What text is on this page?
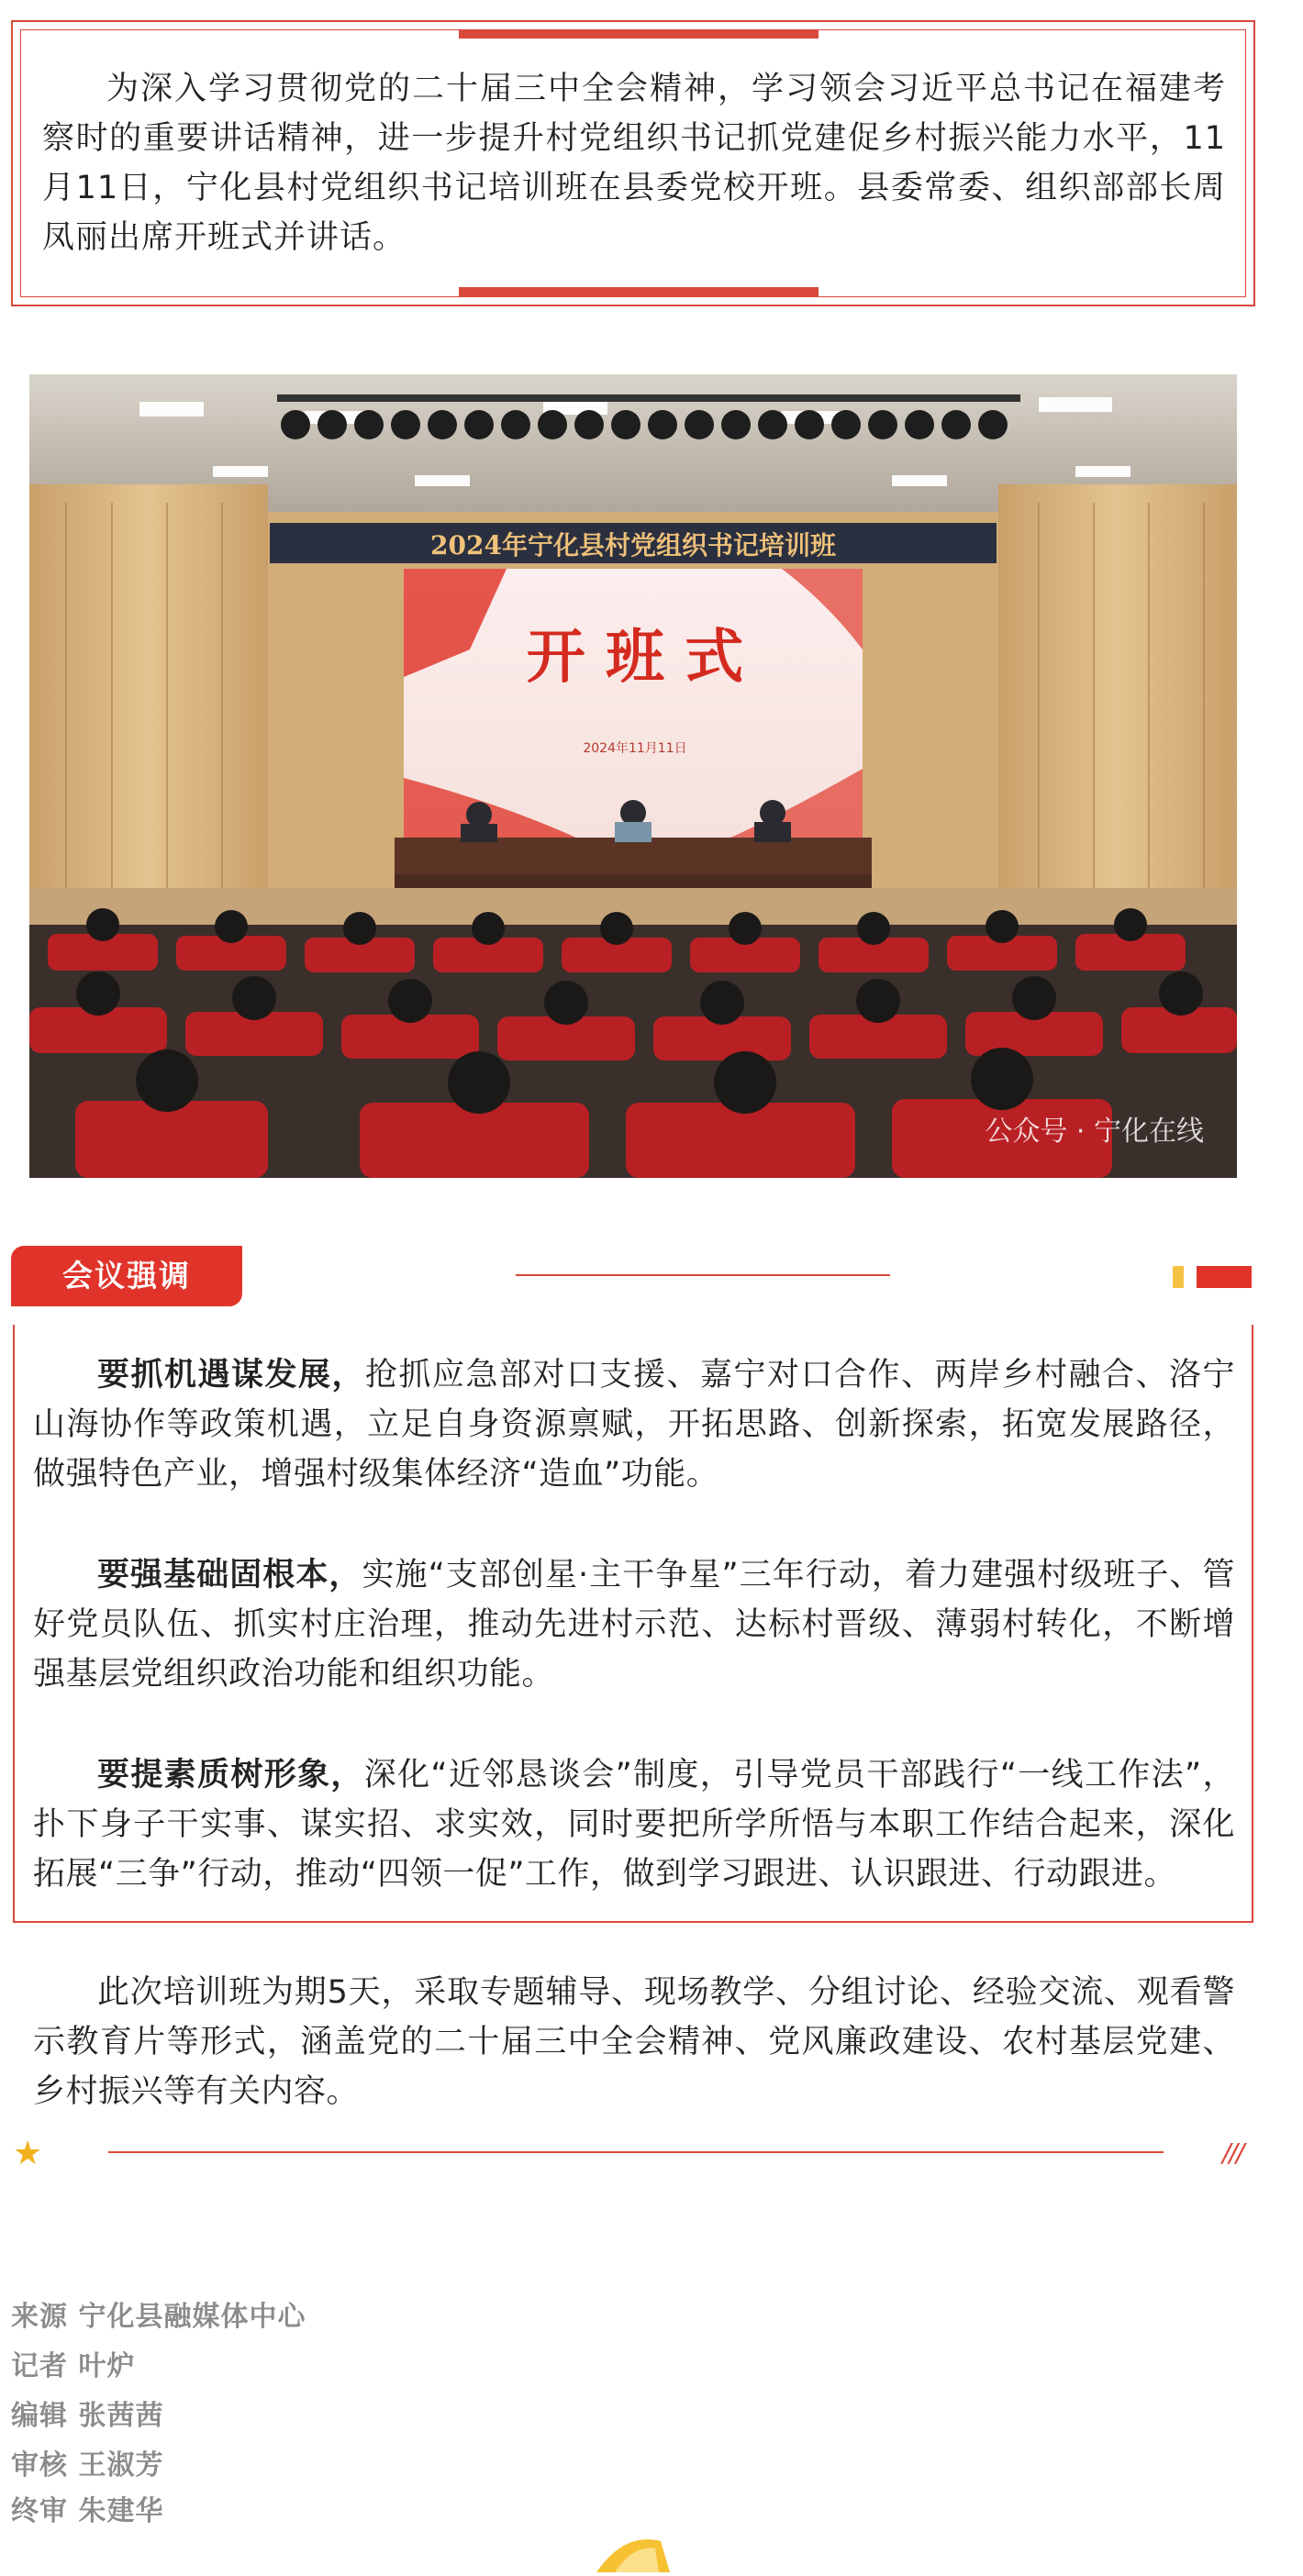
为深入学习贯彻党的二十届三中全会精神，学习领会习近平总书记在福建考察时的重要讲话精神，进一步提升村党组织书记抓党建促乡村振兴能力水平，11月11日，宁化县村党组织书记培训班在县委党校开班。县委常委、组织部部长周凤丽出席开班式并讲话。
2024年宁化县村党组织书记培训班
开 班 式
2024年11月11日
公众号 · 宁化在线
会议强调
要抓机遇谋发展，抢抓应急部对口支援、嘉宁对口合作、两岸乡村融合、洛宁山海协作等政策机遇，立足自身资源禀赋，开拓思路、创新探索，拓宽发展路径，做强特色产业，增强村级集体经济“造血”功能。
要强基础固根本，实施“支部创星·主干争星”三年行动，着力建强村级班子、管好党员队伍、抓实村庄治理，推动先进村示范、达标村晋级、薄弱村转化，不断增强基层党组织政治功能和组织功能。
要提素质树形象，深化“近邻恳谈会”制度，引导党员干部践行“一线工作法”，扑下身子干实事、谋实招、求实效，同时要把所学所悟与本职工作结合起来，深化拓展“三争”行动，推动“四领一促”工作，做到学习跟进、认识跟进、行动跟进。
此次培训班为期5天，采取专题辅导、现场教学、分组讨论、经验交流、观看警示教育片等形式，涵盖党的二十届三中全会精神、党风廉政建设、农村基层党建、乡村振兴等有关内容。
★	///
来源 宁化县融媒体中心
记者 叶炉
编辑 张茜茜
审核 王淑芳
终审 朱建华
